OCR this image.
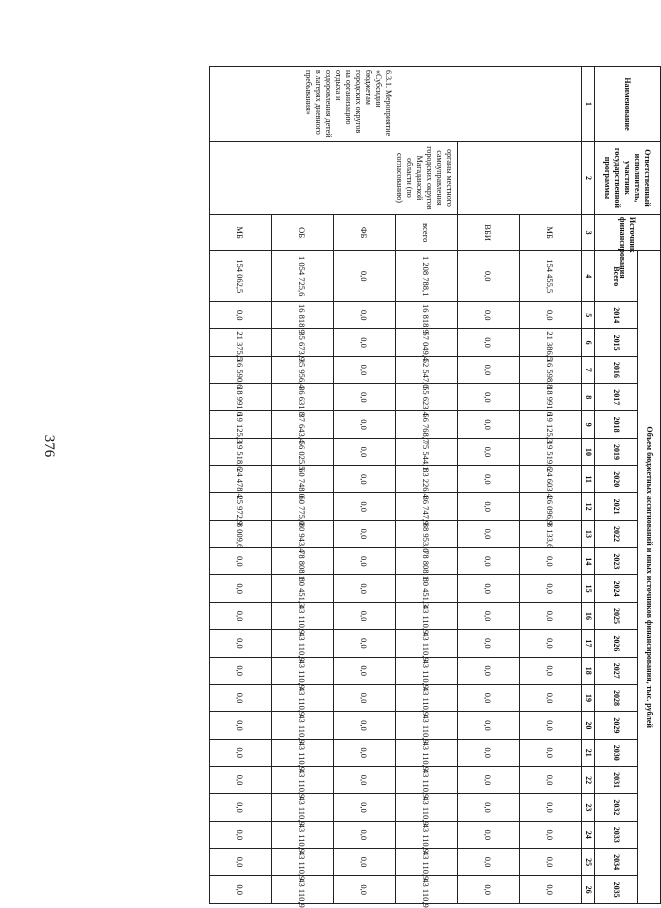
376
Наименование	Ответственный исполнитель, участник государственной программы	Источник финансирования	Объем бюджетных ассигнований и иных источников финансирования, тыс. рублей																						
			Всего	2014	2015	2016	2017	2018	2019	2020	2021	2022	2023	2024	2025	2026	2027	2028	2029	2030	2031	2032	2033	2034	2035
1	2	3	4	5	6	7	8	9	10	11	12	13	14	15	16	17	18	19	20	21	22	23	24	25	26

6.3.1. Мероприятие «Субсидии бюджетам городских округов на организацию отдыха и оздоровления детей в лагерях дневного пребывания»		МБ	154 455,5	0,0	21 386,5	16 598,8	18 991,6	19 125,3	19 519,6	24 603,4	26 096,9	8 133,6	0,0	0,0	0,0	0,0	0,0	0,0	0,0	0,0	0,0	0,0	0,0	0,0	0,0
		ВБИ	0,0	0,0	0,0	0,0	0,0	0,0	0,0	0,0	0,0	0,0	0,0	0,0	0,0	0,0	0,0	0,0	0,0	0,0	0,0	0,0	0,0	0,0	0,0
	органы местного самоуправления городских округов Магаданской области (по согласованию)	всего	1 208 788,1	16 818,9	57 049,4	52 547,0	55 623,4	56 768,7	75 544,1	83 226,4	86 747,9	88 953,0	78 808,1	80 451,3	43 110,9	43 110,9	43 110,9	43 110,9	43 110,9	43 110,9	43 110,9	43 110,9	43 110,9	43 110,9	43 110,9
		ФБ	0,0	0,0	0,0	0,0	0,0	0,0	0,0	0,0	0,0	0,0	0,0	0,0	0,0	0,0	0,0	0,0	0,0	0,0	0,0	0,0	0,0	0,0	0,0
		ОБ	1 054 725,6	16 818,9	35 673,9	35 956,4	36 631,8	37 643,4	56 025,5	60 748,0	60 775,0	80 943,4	78 808,1	80 451,3	43 110,9	43 110,9	43 110,9	43 110,9	43 110,9	43 110,9	43 110,9	43 110,9	43 110,9	43 110,9	43 110,9
		МБ	154 062,5	0,0	21 375,5	16 590,6	18 991,6	19 125,3	19 518,6	24 478,4	25 972,9	8 009,6	0,0	0,0	0,0	0,0	0,0	0,0	0,0	0,0	0,0	0,0	0,0	0,0	0,0
